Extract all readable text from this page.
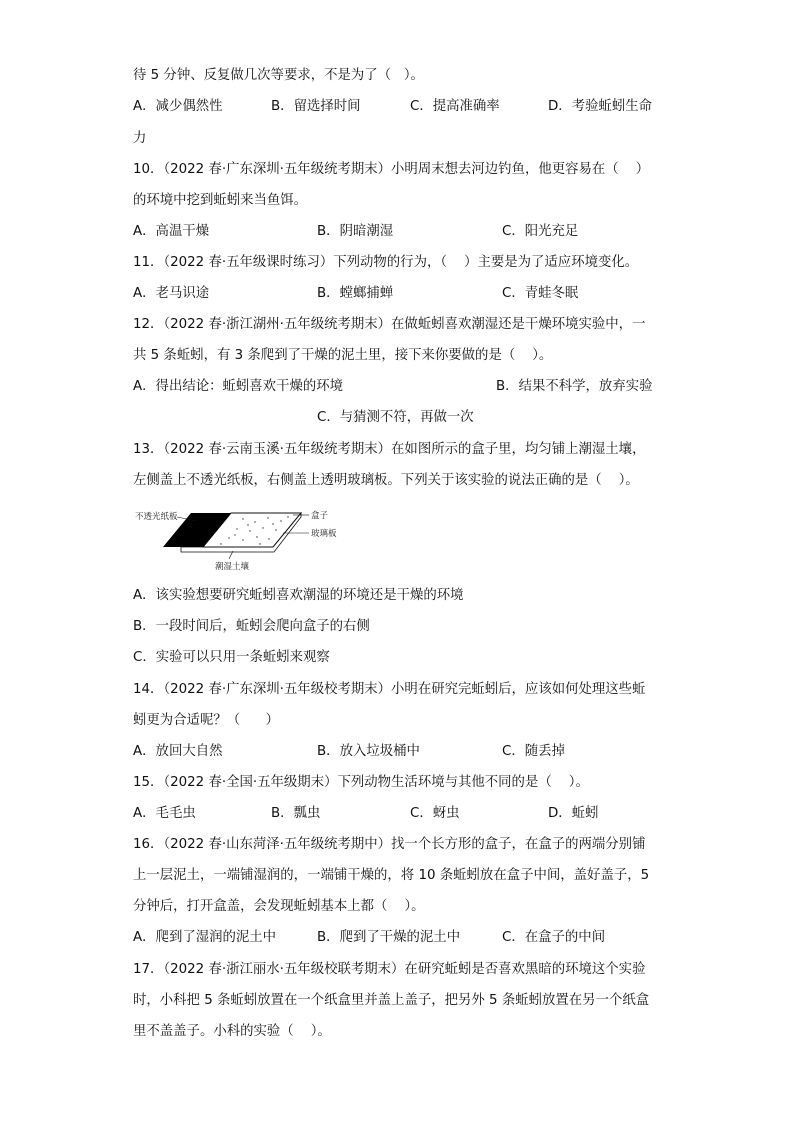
待 5 分钟、反复做几次等要求，不是为了（   ）。
A．减少偶然性	B．留选择时间	C．提高准确率	D．考验蚯蚓生命
力
10．（2022 春·广东深圳·五年级统考期末）小明周末想去河边钓鱼，他更容易在（    ）
的环境中挖到蚯蚓来当鱼饵。
A．高温干燥	B．阴暗潮湿	C．阳光充足
11．（2022 春·五年级课时练习）下列动物的行为，（    ）主要是为了适应环境变化。
A．老马识途	B．螳螂捕蝉	C．青蛙冬眠
12．（2022 春·浙江湖州·五年级统考期末）在做蚯蚓喜欢潮湿还是干燥环境实验中，一
共 5 条蚯蚓，有 3 条爬到了干燥的泥土里，接下来你要做的是（    ）。
A．得出结论：蚯蚓喜欢干燥的环境	B．结果不科学，放弃实验
C．与猜测不符，再做一次
13．（2022 春·云南玉溪·五年级统考期末）在如图所示的盒子里，均匀铺上潮湿土壤，
左侧盖上不透光纸板，右侧盖上透明玻璃板。下列关于该实验的说法正确的是（    ）。
不透光纸板	盒子
玻璃板
潮湿土壤
A．该实验想要研究蚯蚓喜欢潮湿的环境还是干燥的环境
B．一段时间后，蚯蚓会爬向盒子的右侧
C．实验可以只用一条蚯蚓来观察
14．（2022 春·广东深圳·五年级校考期末）小明在研究完蚯蚓后，应该如何处理这些蚯
蚓更为合适呢？（      ）
A．放回大自然	B．放入垃圾桶中	C．随丢掉
15．（2022 春·全国·五年级期末）下列动物生活环境与其他不同的是（    ）。
A．毛毛虫	B．瓢虫	C．蚜虫	D．蚯蚓
16．（2022 春·山东菏泽·五年级统考期中）找一个长方形的盒子，在盒子的两端分别铺
上一层泥土，一端铺湿润的，一端铺干燥的，将 10 条蚯蚓放在盒子中间，盖好盖子，5
分钟后，打开盒盖，会发现蚯蚓基本上都（    ）。
A．爬到了湿润的泥土中	B．爬到了干燥的泥土中	C．在盒子的中间
17．（2022 春·浙江丽水·五年级校联考期末）在研究蚯蚓是否喜欢黑暗的环境这个实验
时，小科把 5 条蚯蚓放置在一个纸盒里并盖上盖子，把另外 5 条蚯蚓放置在另一个纸盒
里不盖盖子。小科的实验（    ）。
